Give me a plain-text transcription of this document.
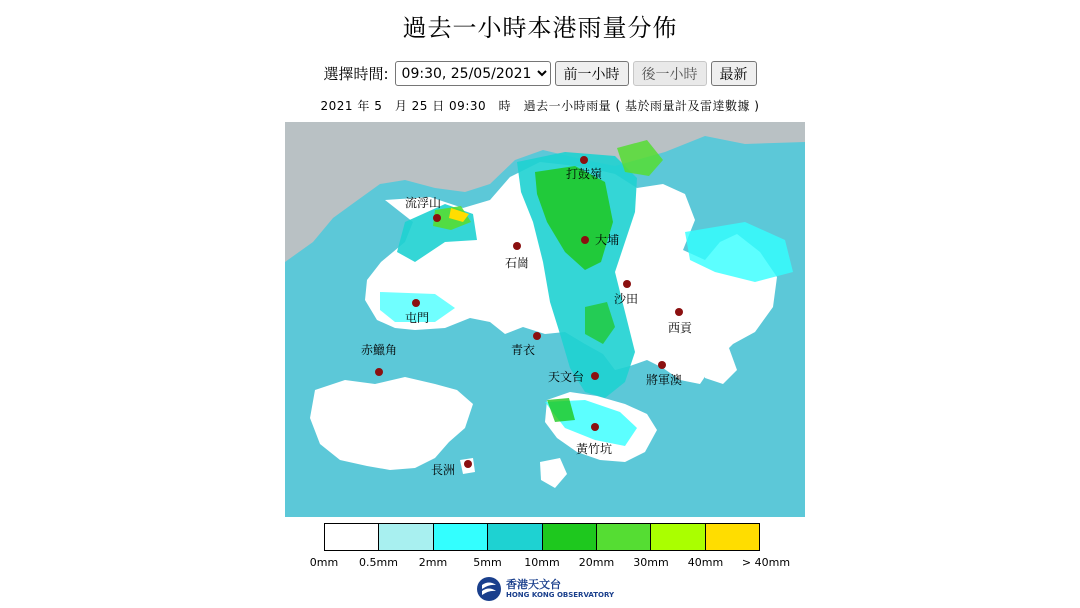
過去一小時本港雨量分佈
選擇時間:
09:30, 25/05/2021	前一小時	後一小時	最新
2021 年 5　月 25 日 09:30　時　過去一小時雨量 ( 基於雨量計及雷達數據 )
打鼓嶺
流浮山
石崗
大埔
沙田
西貢
屯門
青衣
赤鱲角
天文台	將軍澳
黃竹坑
長洲
0mm 0.5mm 2mm 5mm 10mm 20mm 30mm 40mm > 40mm
香港天文台
HONG KONG OBSERVATORY
